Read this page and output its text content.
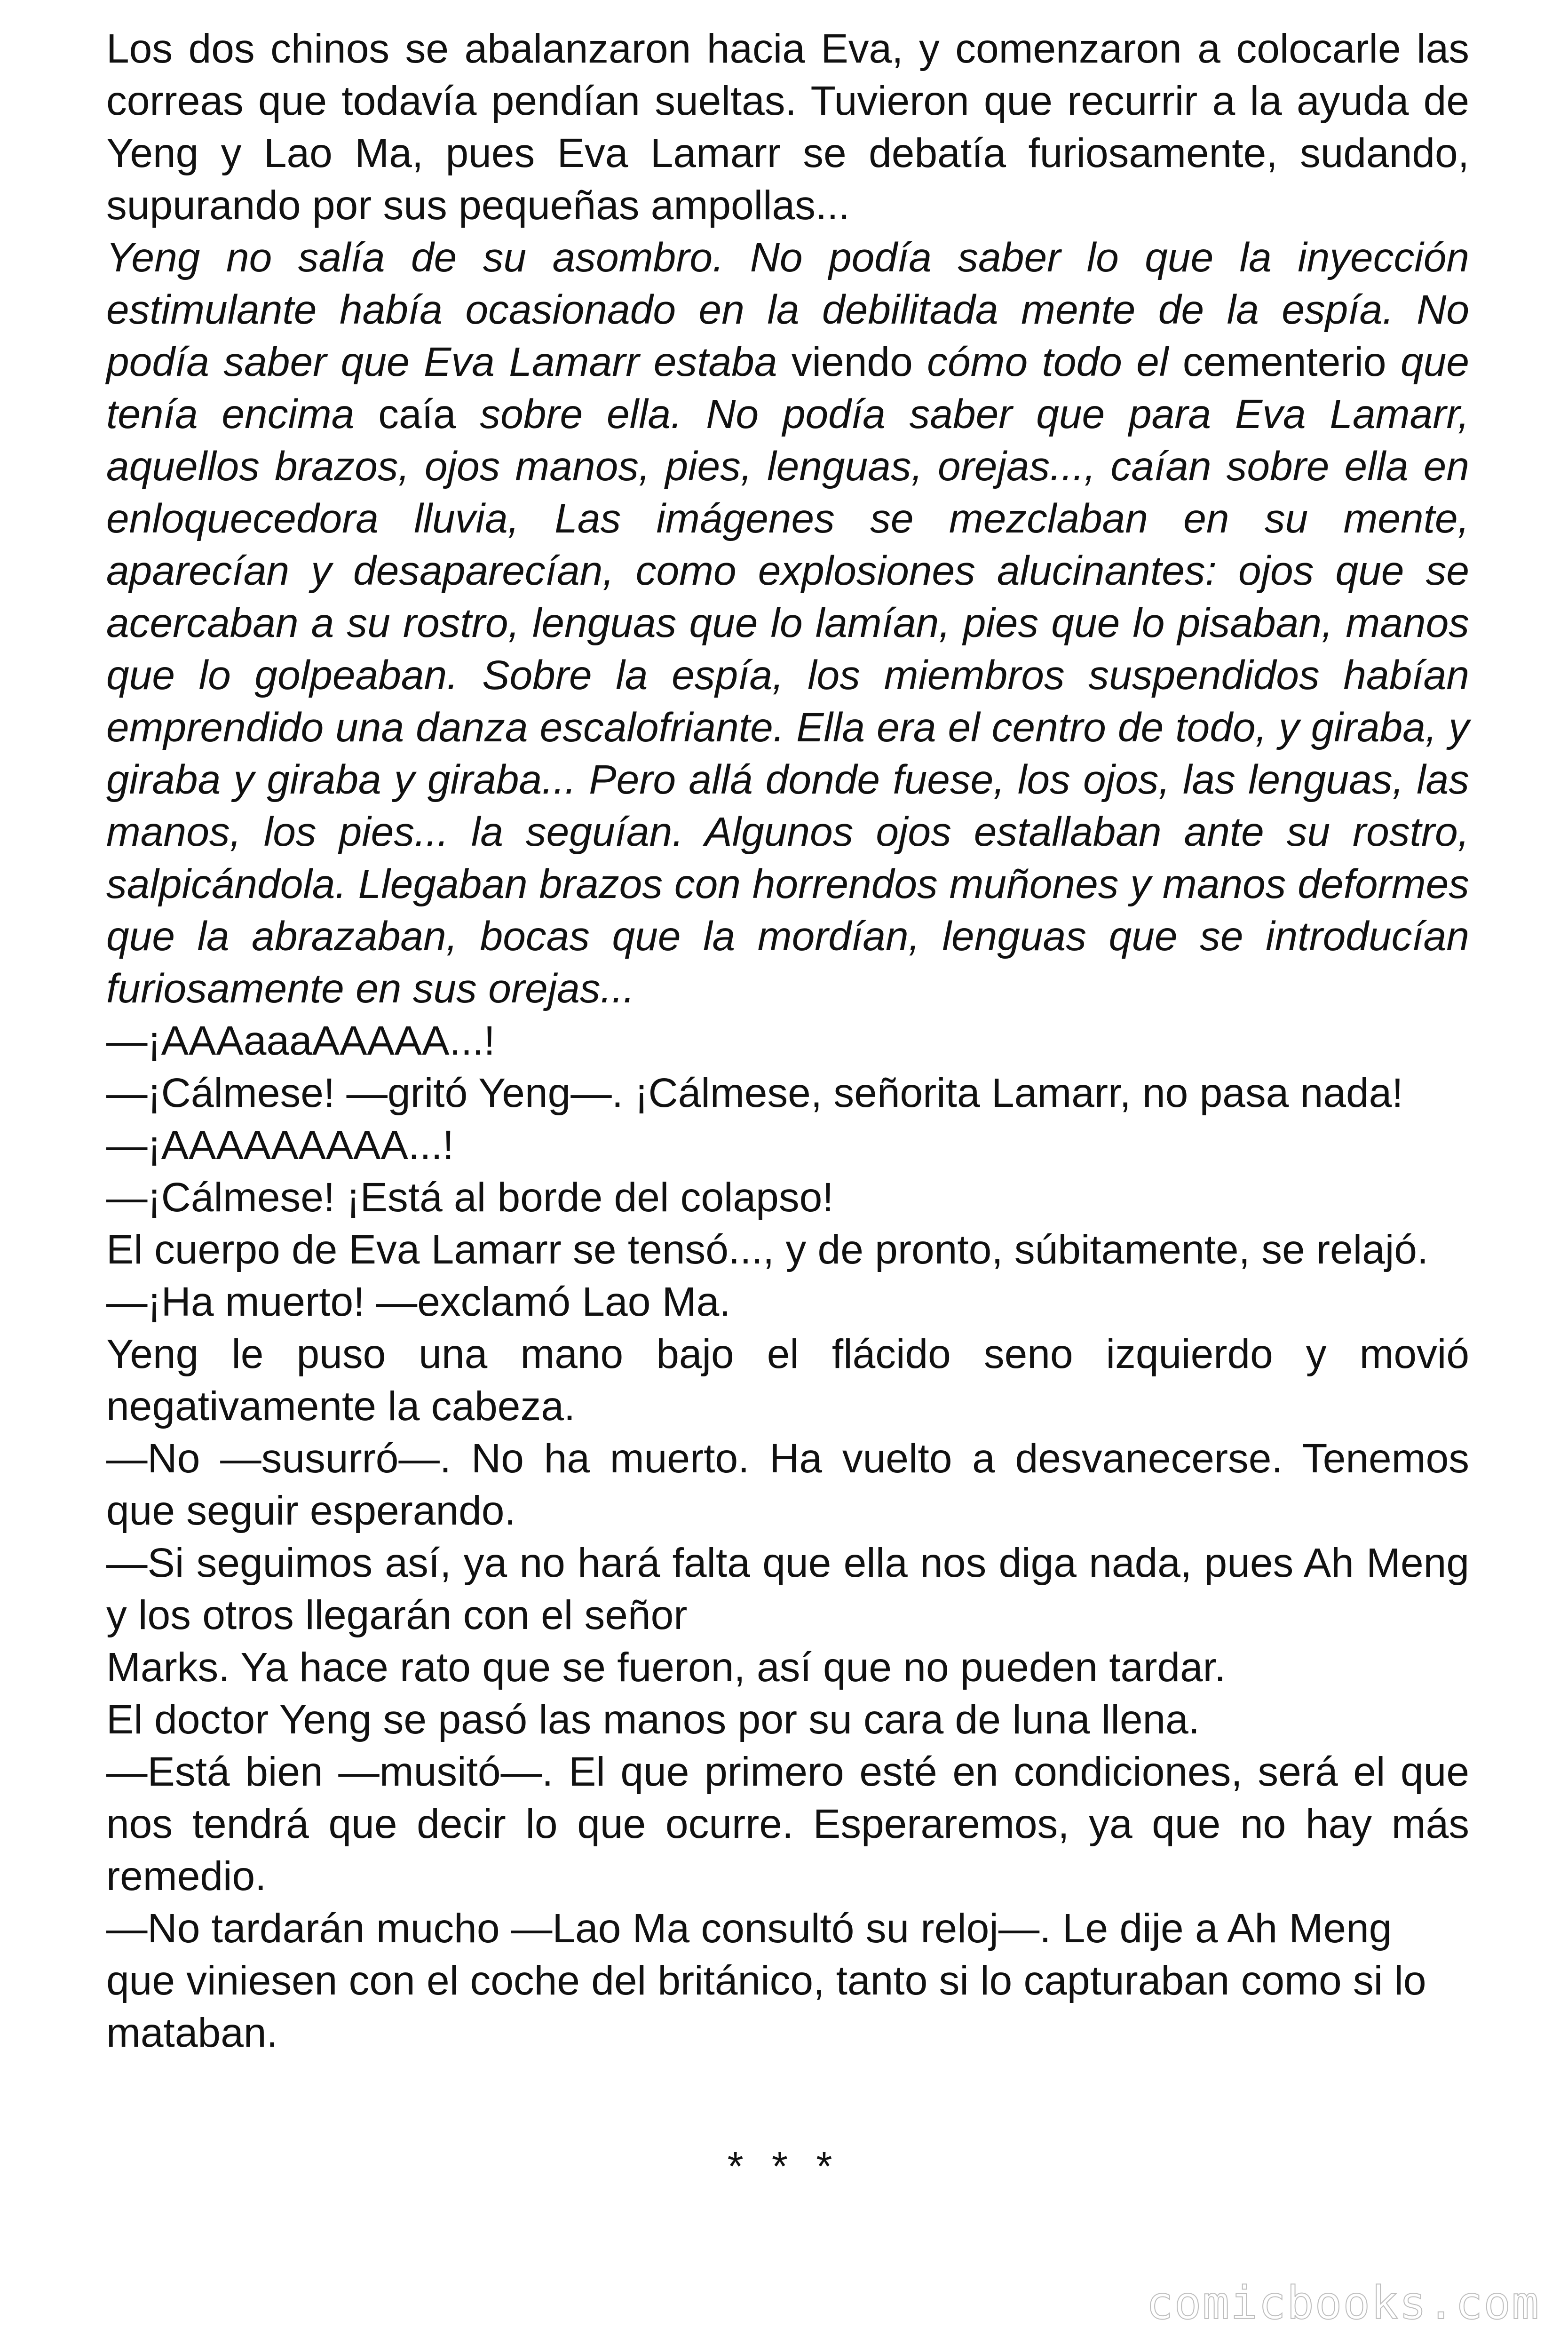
Los dos chinos se abalanzaron hacia Eva, y comenzaron a colocarle las correas que todavía pendían sueltas. Tuvieron que recurrir a la ayuda de Yeng y Lao Ma, pues Eva Lamarr se debatía furiosamente, sudando, supurando por sus pequeñas ampollas...

Yeng no salía de su asombro. No podía saber lo que la inyección estimulante había ocasionado en la debilitada mente de la espía. No podía saber que Eva Lamarr estaba viendo cómo todo el cementerio que tenía encima caía sobre ella. No podía saber que para Eva Lamarr, aquellos brazos, ojos manos, pies, lenguas, orejas..., caían sobre ella en enloquecedora lluvia, Las imágenes se mezclaban en su mente, aparecían y desaparecían, como explosiones alucinantes: ojos que se acercaban a su rostro, lenguas que lo lamían, pies que lo pisaban, manos que lo golpeaban. Sobre la espía, los miembros suspendidos habían emprendido una danza escalofriante. Ella era el centro de todo, y giraba, y giraba y giraba y giraba... Pero allá donde fuese, los ojos, las lenguas, las manos, los pies... la seguían. Algunos ojos estallaban ante su rostro, salpicándola. Llegaban brazos con horrendos muñones y manos deformes que la abrazaban, bocas que la mordían, lenguas que se introducían furiosamente en sus orejas...

—¡AAAaaaAAAAA...!

—¡Cálmese! —gritó Yeng—. ¡Cálmese, señorita Lamarr, no pasa nada!

—¡AAAAAAAAA...!

—¡Cálmese! ¡Está al borde del colapso!

El cuerpo de Eva Lamarr se tensó..., y de pronto, súbitamente, se relajó.

—¡Ha muerto! —exclamó Lao Ma.

Yeng le puso una mano bajo el flácido seno izquierdo y movió negativamente la cabeza.

—No —susurró—. No ha muerto. Ha vuelto a desvanecerse. Tenemos que seguir esperando.

—Si seguimos así, ya no hará falta que ella nos diga nada, pues Ah Meng y los otros llegarán con el señor

Marks. Ya hace rato que se fueron, así que no pueden tardar.

El doctor Yeng se pasó las manos por su cara de luna llena.

—Está bien —musitó—. El que primero esté en condiciones, será el que nos tendrá que decir lo que ocurre. Esperaremos, ya que no hay más remedio.

—No tardarán mucho —Lao Ma consultó su reloj—. Le dije a Ah Meng que viniesen con el coche del británico, tanto si lo capturaban como si lo mataban.

* * *
comicbooks.com
